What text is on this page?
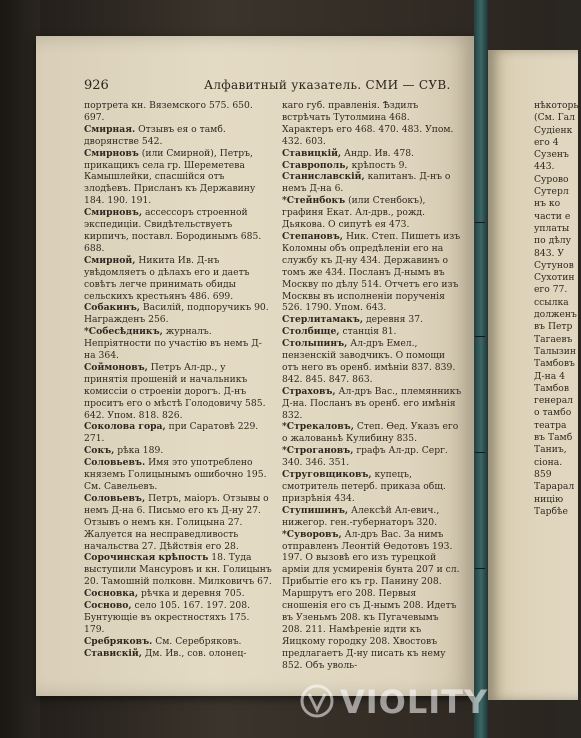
926	Алфавитный указатель. СМИ — СУВ.

портрета кн. Вяземского 575. 650. 697.

Смирная. Отзывъ ея о тамб. дворянстве 542.

Смирновъ (или Смирной), Петръ, прикащикъ села гр. Шереметева Камышлейки, спасшійся отъ злодѣевъ. Присланъ къ Державину 184. 190. 191.

Смирновъ, ассессоръ строенной экспедиціи. Свидѣтельствуетъ кирпичъ, поставл. Бородинымъ 685. 688.

Смирной, Никита Ив. Д-нъ увѣдомляетъ о дѣлахъ его и даетъ совѣтъ легче принимать обиды сельскихъ крестьянъ 486. 699.

Собакинъ, Василій, подпоручикъ 90. Награжденъ 256.

*Собесѣдникъ, журналъ. Непріятности по участію въ немъ Д-на 364.

Соймоновъ, Петръ Ал-др., у принятія прошеній и начальникъ комиссіи о строеніи дорогъ. Д-нъ проситъ его о мѣстѣ Голодовичу 585. 642. Упом. 818. 826.

Соколова гора, при Саратовѣ 229. 271.

Сокъ, рѣка 189.

Соловьевъ. Имя это употреблено княземъ Голицынымъ ошибочно 195. См. Савельевъ.

Соловьевъ, Петръ, маіоръ. Отзывы о немъ Д-на 6. Письмо его къ Д-ну 27. Отзывъ о немъ кн. Голицына 27. Жалуется на несправедливость начальства 27. Дѣйствія его 28.

Сорочинская крѣпость 18. Туда выступили Мансуровъ и кн. Голицынъ 20. Тамошній полковн. Милковичъ 67.

Сосновка, рѣчка и деревня 705.

Сосново, село 105. 167. 197. 208. Бунтующіе въ окрестностяхъ 175. 179.

Сребряковъ. См. Серебряковъ.

Ставискій, Дм. Ив., сов. олонец-

каго губ. правленія. Ѣздилъ встрѣчать Тутолмина 468. Характеръ его 468. 470. 483. Упом. 432. 603.

Ставицкій, Андр. Ив. 478.

Ставрополь, крѣпость 9.

Станиславскій, капитанъ. Д-нъ о немъ Д-на 6.

*Стейнбокъ (или Стенбокъ), графиня Екат. Ал-дрв., рожд. Дьякова. О сипутѣ ея 473.

Степановъ, Ник. Степ. Пишетъ изъ Коломны объ опредѣленіи его на службу къ Д-ну 434. Державинъ о томъ же 434. Посланъ Д-нымъ въ Москву по дѣлу 514. Отчетъ его изъ Москвы въ исполненіи порученія 526. 1790. Упом. 643.

Стерлитамакъ, деревня 37.

Столбище, станція 81.

Столыпинъ, Ал-дръ Емел., пензенскій заводчикъ. О помощи отъ него въ оренб. имѣніи 837. 839. 842. 845. 847. 863.

Страховъ, Ал-дръ Вас., племянникъ Д-на. Посланъ въ оренб. его имѣнія 832.

*Стрекаловъ, Степ. Ѳед. Указъ его о жалованьѣ Кулибину 835.

*Строгановъ, графъ Ал-др. Серг. 340. 346. 351.

Струговщиковъ, купецъ, смотритель петерб. приказа общ. призрѣнія 434.

Ступишинъ, Алексѣй Ал-евич., нижегор. ген.-губернаторъ 320.

*Суворовъ, Ал-дръ Вас. За нимъ отправленъ Леонтій Ѳедотовъ 193. 197. О вызовѣ его изъ турецкой арміи для усмиренія бунта 207 и сл. Прибытіе его къ гр. Панину 208. Маршрутъ его 208. Первыя сношенія его съ Д-нымъ 208. Идетъ въ Узеньмъ 208. къ Пугачевымъ 208. 211. Намѣреніе идти къ Яицкому городку 208. Хвостовъ предлагаетъ Д-ну писать къ нему 852. Объ уволь-

нѣкоторы

(См. Гал

Судіенк

его 4

Сузенъ

443.

Сурово

Сутерл

нъ ко

части е

уплаты

по дѣлу

843. У

Сутунов

Сухотин

его 77.

ссылка

долженъ

въ Петр

Тагаевъ

Талызин

Тамбовъ

Д-на 4

Тамбов

генерал

о тамбо

театра

въ Тамб

Таниъ,

сіона.

859

Тарарал

ницію

Тарбѣе

VIOLITY
